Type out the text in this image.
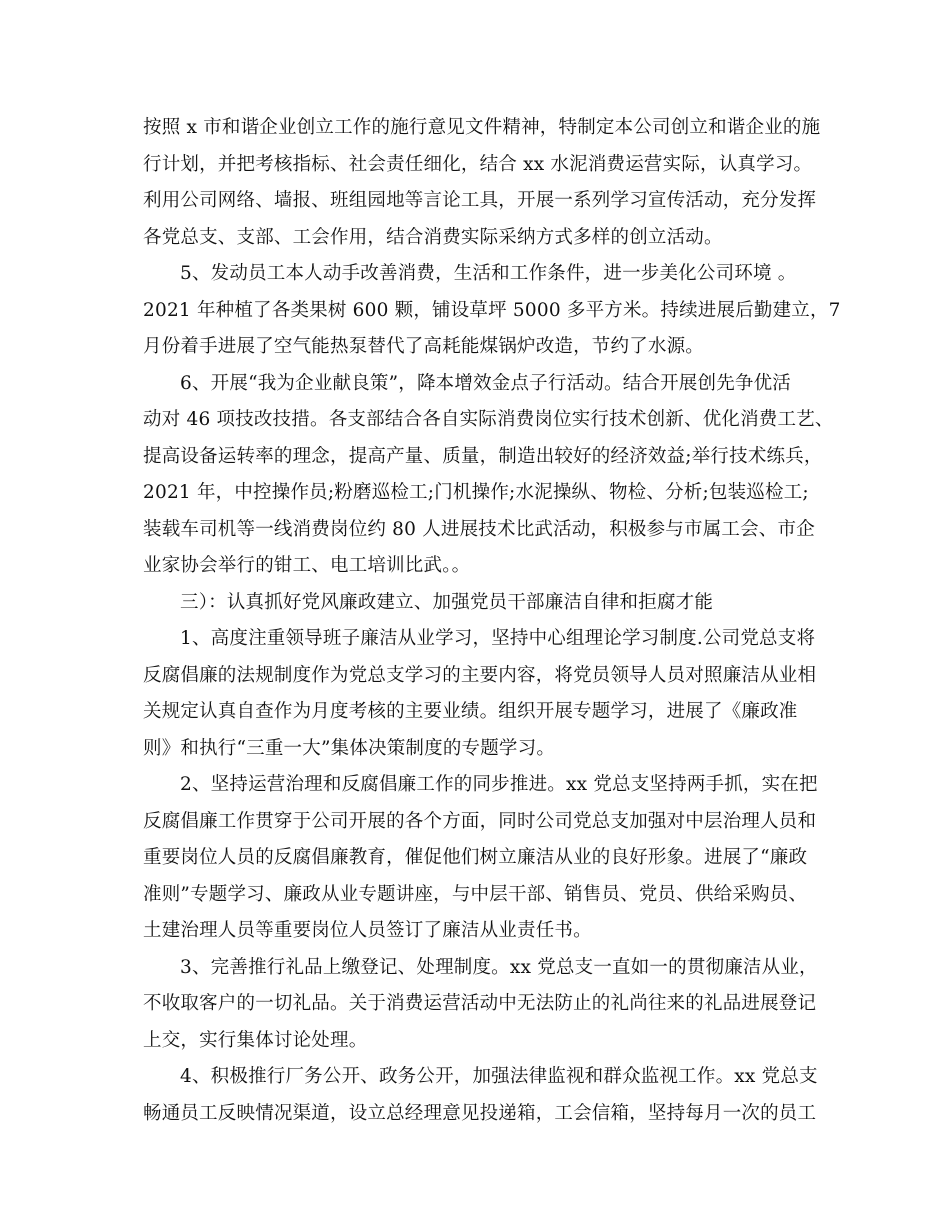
按照 x 市和谐企业创立工作的施行意见文件精神，特制定本公司创立和谐企业的施
行计划，并把考核指标、社会责任细化，结合 xx 水泥消费运营实际，认真学习。
利用公司网络、墙报、班组园地等言论工具，开展一系列学习宣传活动，充分发挥
各党总支、支部、工会作用，结合消费实际采纳方式多样的创立活动。
5、发动员工本人动手改善消费，生活和工作条件，进一步美化公司环境 。
2021 年种植了各类果树 600 颗，铺设草坪 5000 多平方米。持续进展后勤建立，7
月份着手进展了空气能热泵替代了高耗能煤锅炉改造，节约了水源。
6、开展“我为企业献良策”，降本增效金点子行活动。结合开展创先争优活
动对 46 项技改技措。各支部结合各自实际消费岗位实行技术创新、优化消费工艺、
提高设备运转率的理念，提高产量、质量，制造出较好的经济效益;举行技术练兵，
2021 年，中控操作员;粉磨巡检工;门机操作;水泥操纵、物检、分析;包装巡检工;
装载车司机等一线消费岗位约 80 人进展技术比武活动，积极参与市属工会、市企
业家协会举行的钳工、电工培训比武。。
三）：认真抓好党风廉政建立、加强党员干部廉洁自律和拒腐才能
1、高度注重领导班子廉洁从业学习，坚持中心组理论学习制度.公司党总支将
反腐倡廉的法规制度作为党总支学习的主要内容，将党员领导人员对照廉洁从业相
关规定认真自查作为月度考核的主要业绩。组织开展专题学习，进展了《廉政准
则》和执行“三重一大”集体决策制度的专题学习。
2、坚持运营治理和反腐倡廉工作的同步推进。xx 党总支坚持两手抓，实在把
反腐倡廉工作贯穿于公司开展的各个方面，同时公司党总支加强对中层治理人员和
重要岗位人员的反腐倡廉教育，催促他们树立廉洁从业的良好形象。进展了“廉政
准则”专题学习、廉政从业专题讲座，与中层干部、销售员、党员、供给采购员、
土建治理人员等重要岗位人员签订了廉洁从业责任书。
3、完善推行礼品上缴登记、处理制度。xx 党总支一直如一的贯彻廉洁从业，
不收取客户的一切礼品。关于消费运营活动中无法防止的礼尚往来的礼品进展登记
上交，实行集体讨论处理。
4、积极推行厂务公开、政务公开，加强法律监视和群众监视工作。xx 党总支
畅通员工反映情况渠道，设立总经理意见投递箱，工会信箱，坚持每月一次的员工
